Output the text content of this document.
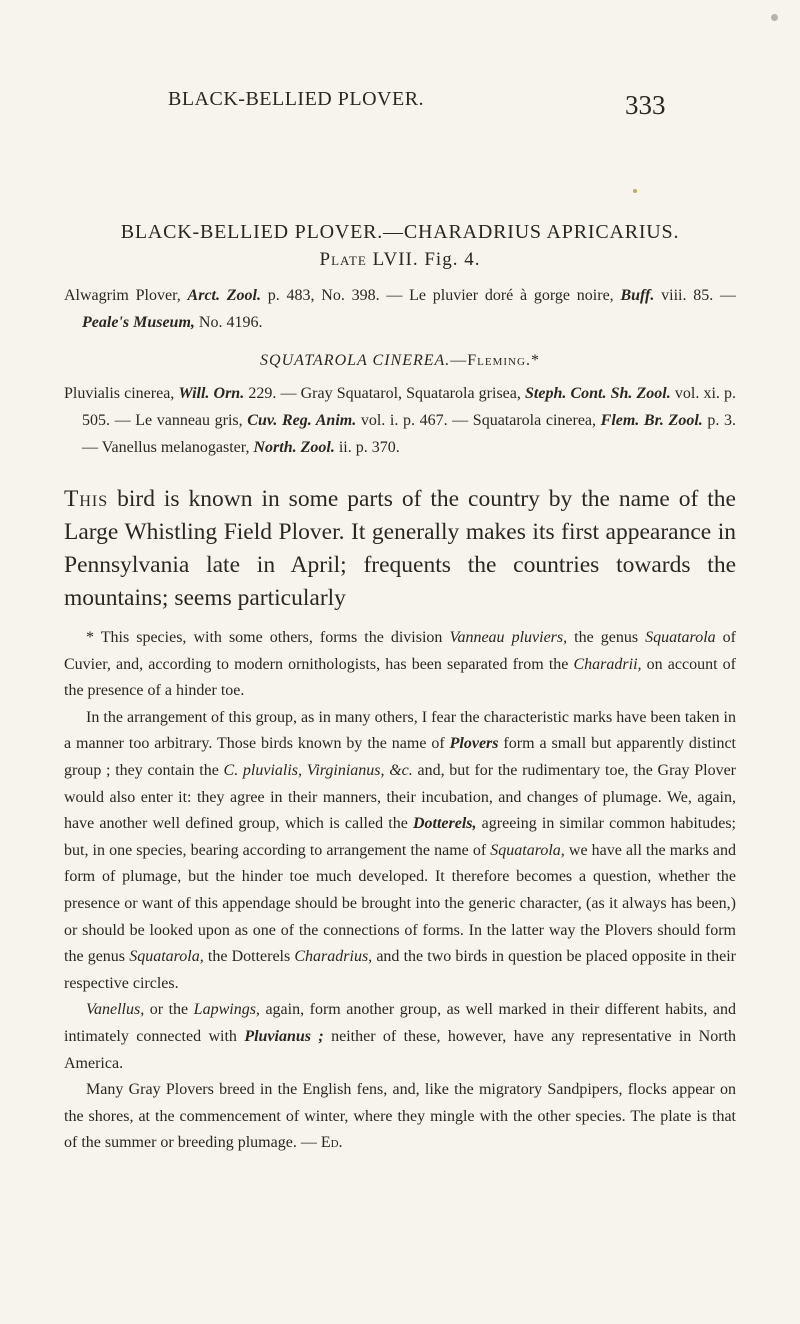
BLACK-BELLIED PLOVER.	333
BLACK-BELLIED PLOVER.—CHARADRIUS APRICARIUS.
Plate LVII. Fig. 4.
Alwagrim Plover, Arct. Zool. p. 483, No. 398. — Le pluvier doré à gorge noire, Buff. viii. 85. — Peale's Museum, No. 4196.
SQUATAROLA CINEREA.—Fleming.*
Pluvialis cinerea, Will. Orn. 229. — Gray Squatarol, Squatarola grisea, Steph. Cont. Sh. Zool. vol. xi. p. 505. — Le vanneau gris, Cuv. Reg. Anim. vol. i. p. 467. — Squatarola cinerea, Flem. Br. Zool. p. 3. — Vanellus melanogaster, North. Zool. ii. p. 370.
This bird is known in some parts of the country by the name of the Large Whistling Field Plover. It generally makes its first appearance in Pennsylvania late in April; frequents the countries towards the mountains; seems particularly

* This species, with some others, forms the division Vanneau pluviers, the genus Squatarola of Cuvier, and, according to modern ornithologists, has been separated from the Charadrii, on account of the presence of a hinder toe.

In the arrangement of this group, as in many others, I fear the characteristic marks have been taken in a manner too arbitrary. Those birds known by the name of Plovers form a small but apparently distinct group ; they contain the C. pluvialis, Virginianus, &c. and, but for the rudimentary toe, the Gray Plover would also enter it: they agree in their manners, their incubation, and changes of plumage. We, again, have another well defined group, which is called the Dotterels, agreeing in similar common habitudes; but, in one species, bearing according to arrangement the name of Squatarola, we have all the marks and form of plumage, but the hinder toe much developed. It therefore becomes a question, whether the presence or want of this appendage should be brought into the generic character, (as it always has been,) or should be looked upon as one of the connections of forms. In the latter way the Plovers should form the genus Squatarola, the Dotterels Charadrius, and the two birds in question be placed opposite in their respective circles.

Vanellus, or the Lapwings, again, form another group, as well marked in their different habits, and intimately connected with Pluvianus ; neither of these, however, have any representative in North America.

Many Gray Plovers breed in the English fens, and, like the migratory Sandpipers, flocks appear on the shores, at the commencement of winter, where they mingle with the other species. The plate is that of the summer or breeding plumage. — Ed.
